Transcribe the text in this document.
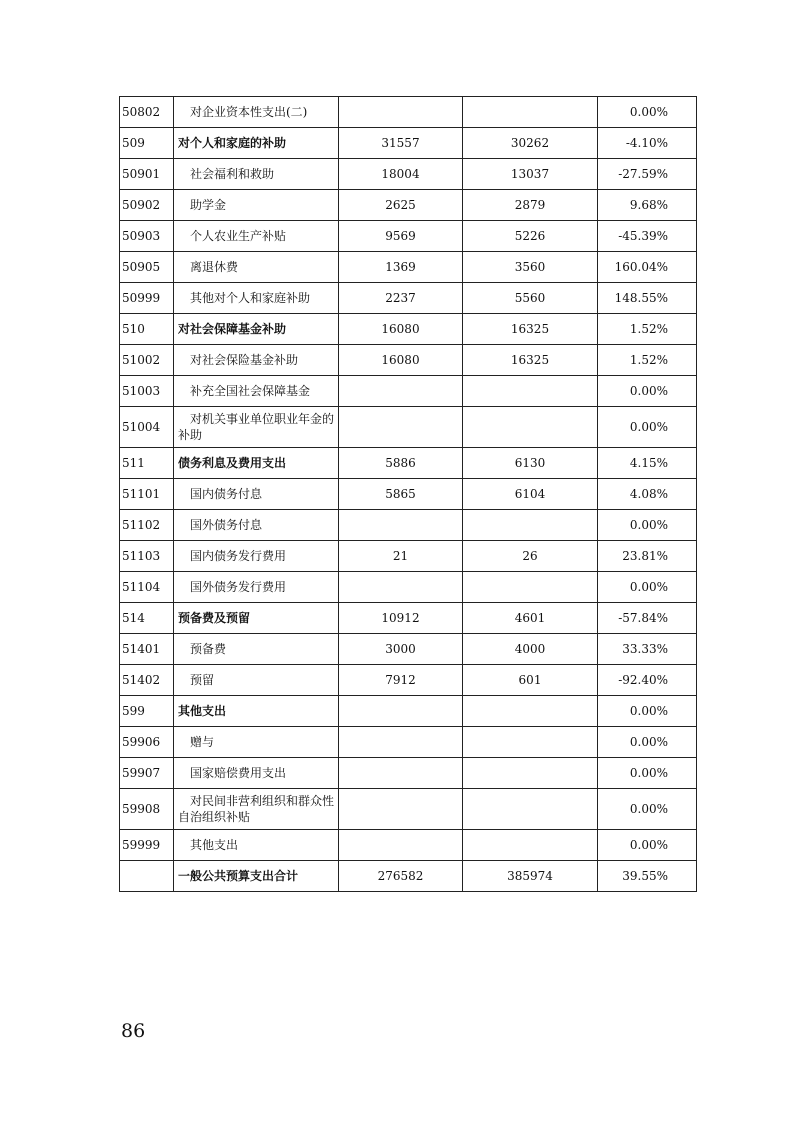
50802	对企业资本性支出(二)			0.00%
509	对个人和家庭的补助	31557	30262	-4.10%
50901	社会福利和救助	18004	13037	-27.59%
50902	助学金	2625	2879	9.68%
50903	个人农业生产补贴	9569	5226	-45.39%
50905	离退休费	1369	3560	160.04%
50999	其他对个人和家庭补助	2237	5560	148.55%
510	对社会保障基金补助	16080	16325	1.52%
51002	对社会保险基金补助	16080	16325	1.52%
51003	补充全国社会保障基金			0.00%
51004	对机关事业单位职业年金的补助			0.00%
511	债务利息及费用支出	5886	6130	4.15%
51101	国内债务付息	5865	6104	4.08%
51102	国外债务付息			0.00%
51103	国内债务发行费用	21	26	23.81%
51104	国外债务发行费用			0.00%
514	预备费及预留	10912	4601	-57.84%
51401	预备费	3000	4000	33.33%
51402	预留	7912	601	-92.40%
599	其他支出			0.00%
59906	赠与			0.00%
59907	国家赔偿费用支出			0.00%
59908	对民间非营利组织和群众性自治组织补贴			0.00%
59999	其他支出			0.00%
	一般公共预算支出合计	276582	385974	39.55%
86
